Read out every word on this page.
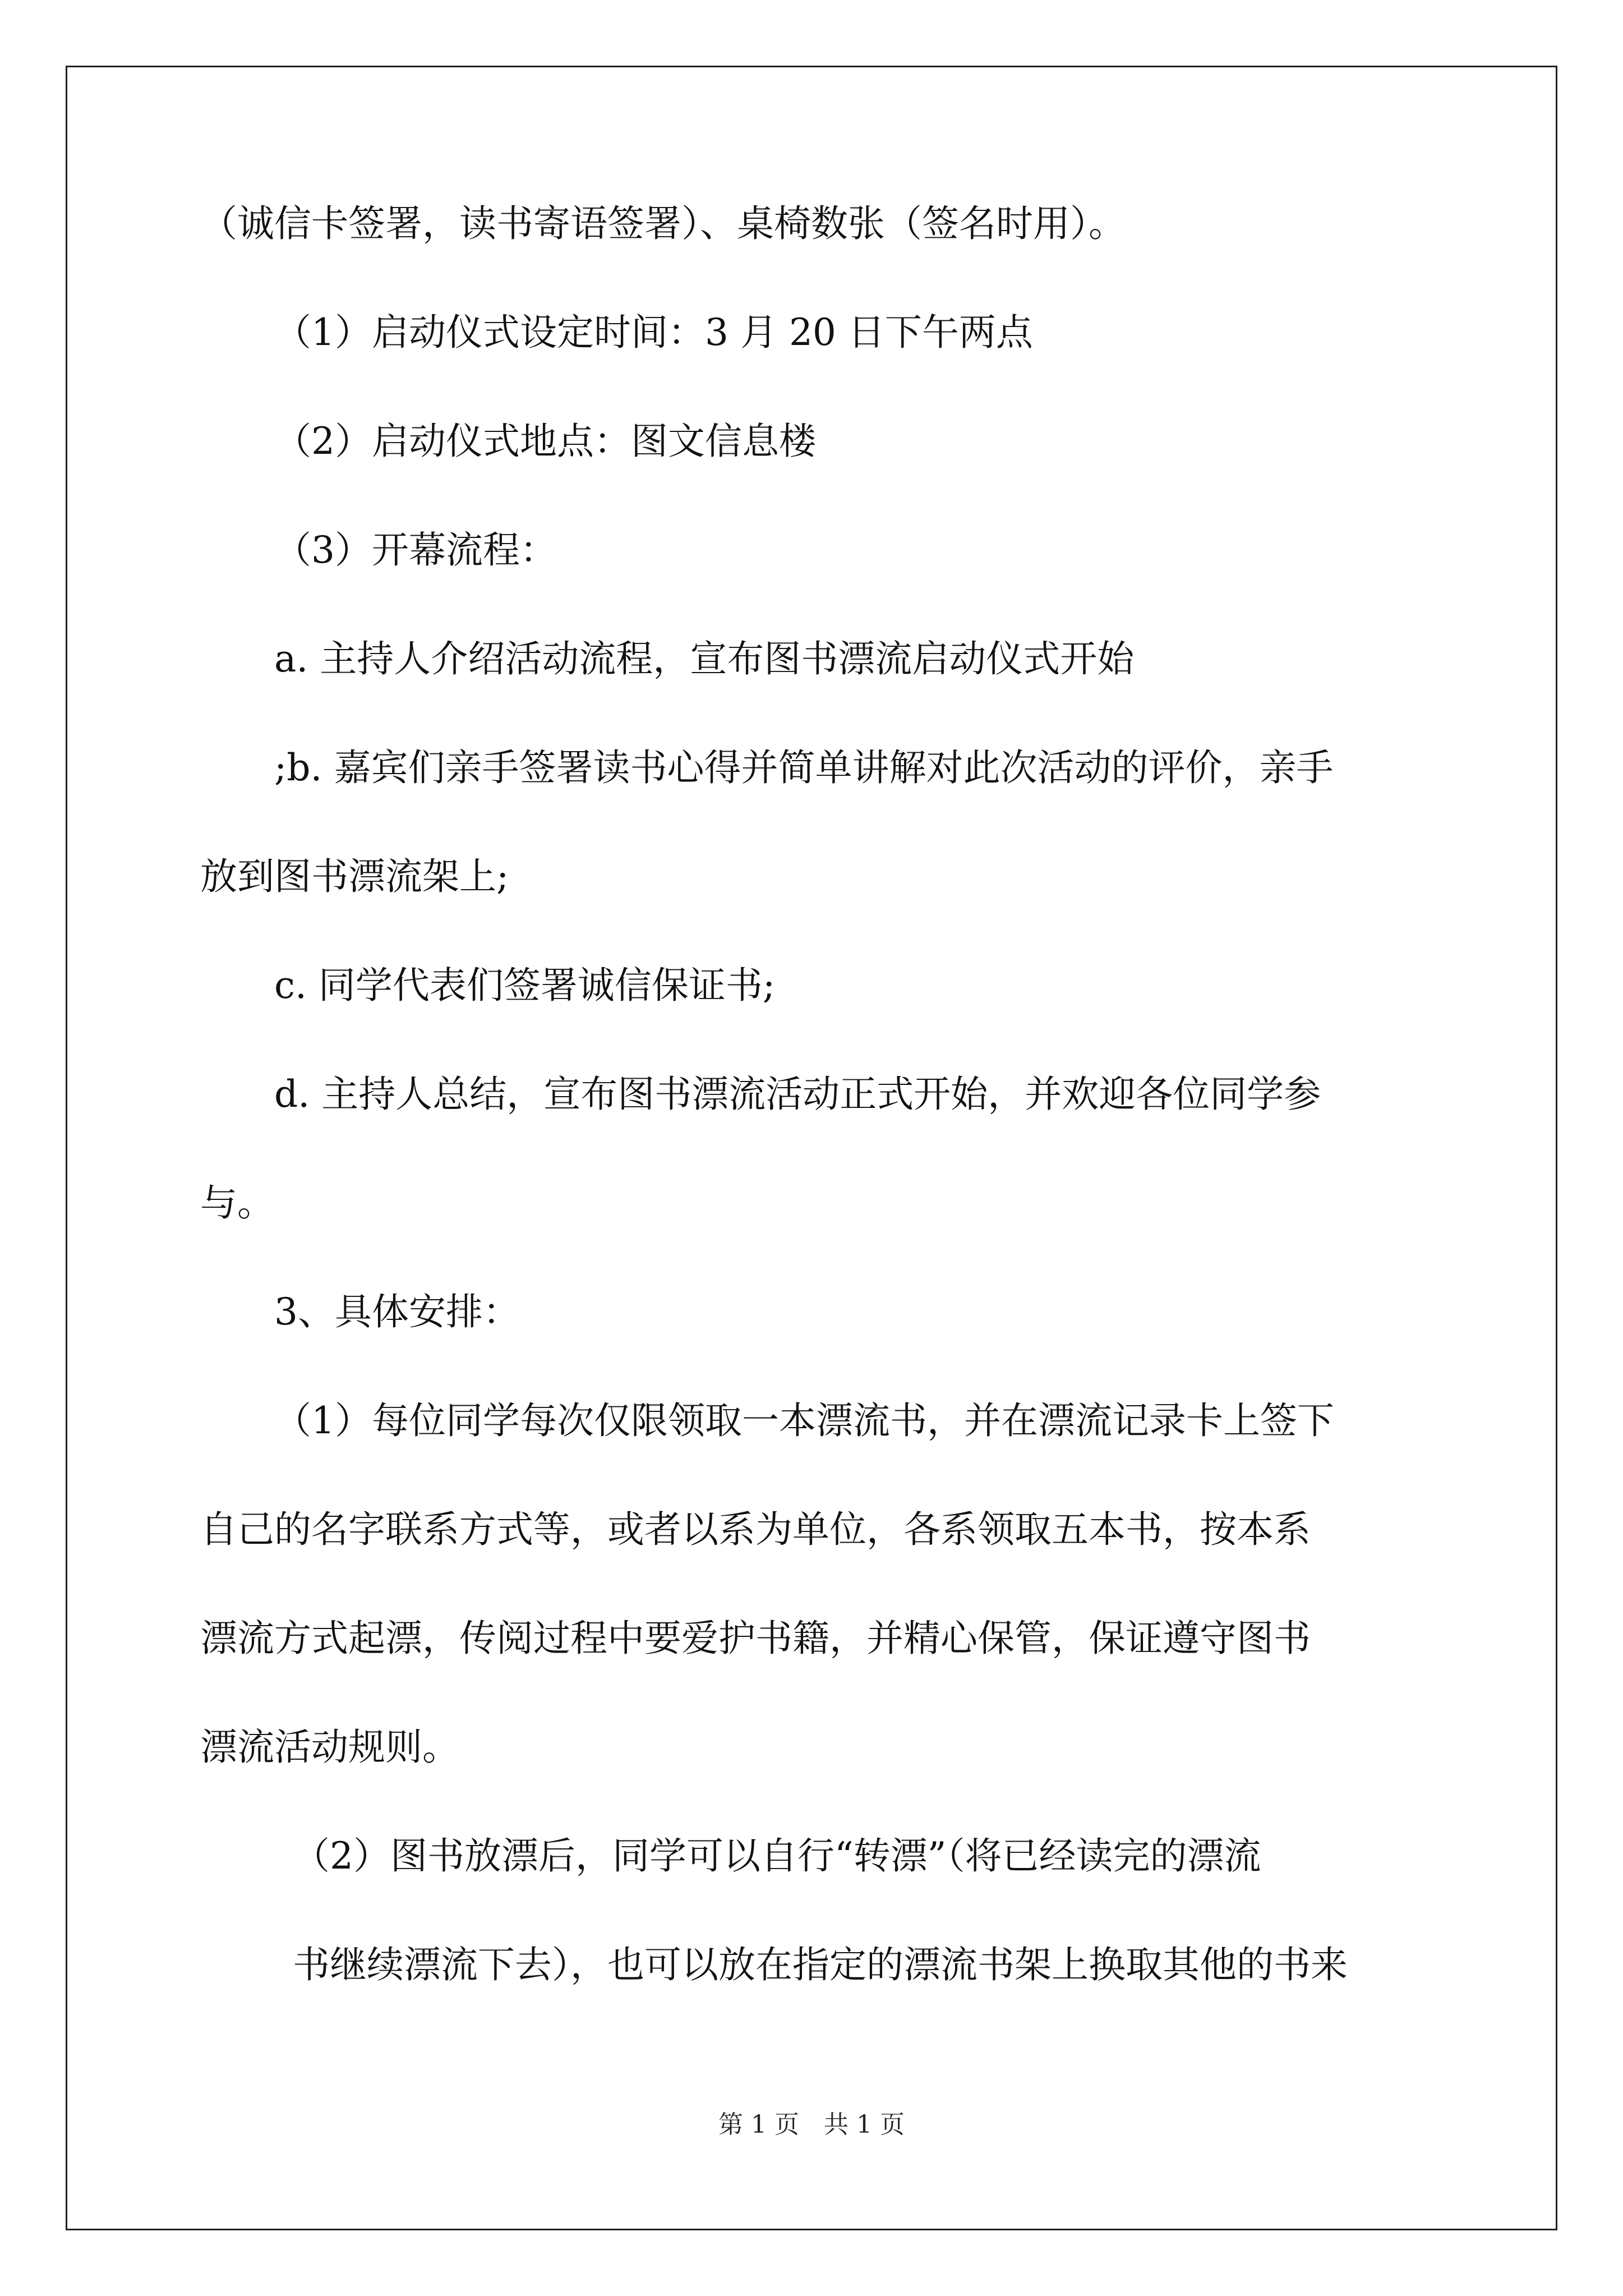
（诚信卡签署，读书寄语签署）、桌椅数张（签名时用）。
（1）启动仪式设定时间：3 月 20 日下午两点
（2）启动仪式地点：图文信息楼
（3）开幕流程：
a. 主持人介绍活动流程，宣布图书漂流启动仪式开始
;b. 嘉宾们亲手签署读书心得并简单讲解对此次活动的评价，亲手
放到图书漂流架上;
c. 同学代表们签署诚信保证书;
d. 主持人总结，宣布图书漂流活动正式开始，并欢迎各位同学参
与。
3、具体安排：
（1）每位同学每次仅限领取一本漂流书，并在漂流记录卡上签下
自己的名字联系方式等，或者以系为单位，各系领取五本书，按本系
漂流方式起漂，传阅过程中要爱护书籍，并精心保管，保证遵守图书
漂流活动规则。
（2）图书放漂后，同学可以自行“转漂”（将已经读完的漂流
书继续漂流下去），也可以放在指定的漂流书架上换取其他的书来
第 1 页　共 1 页
